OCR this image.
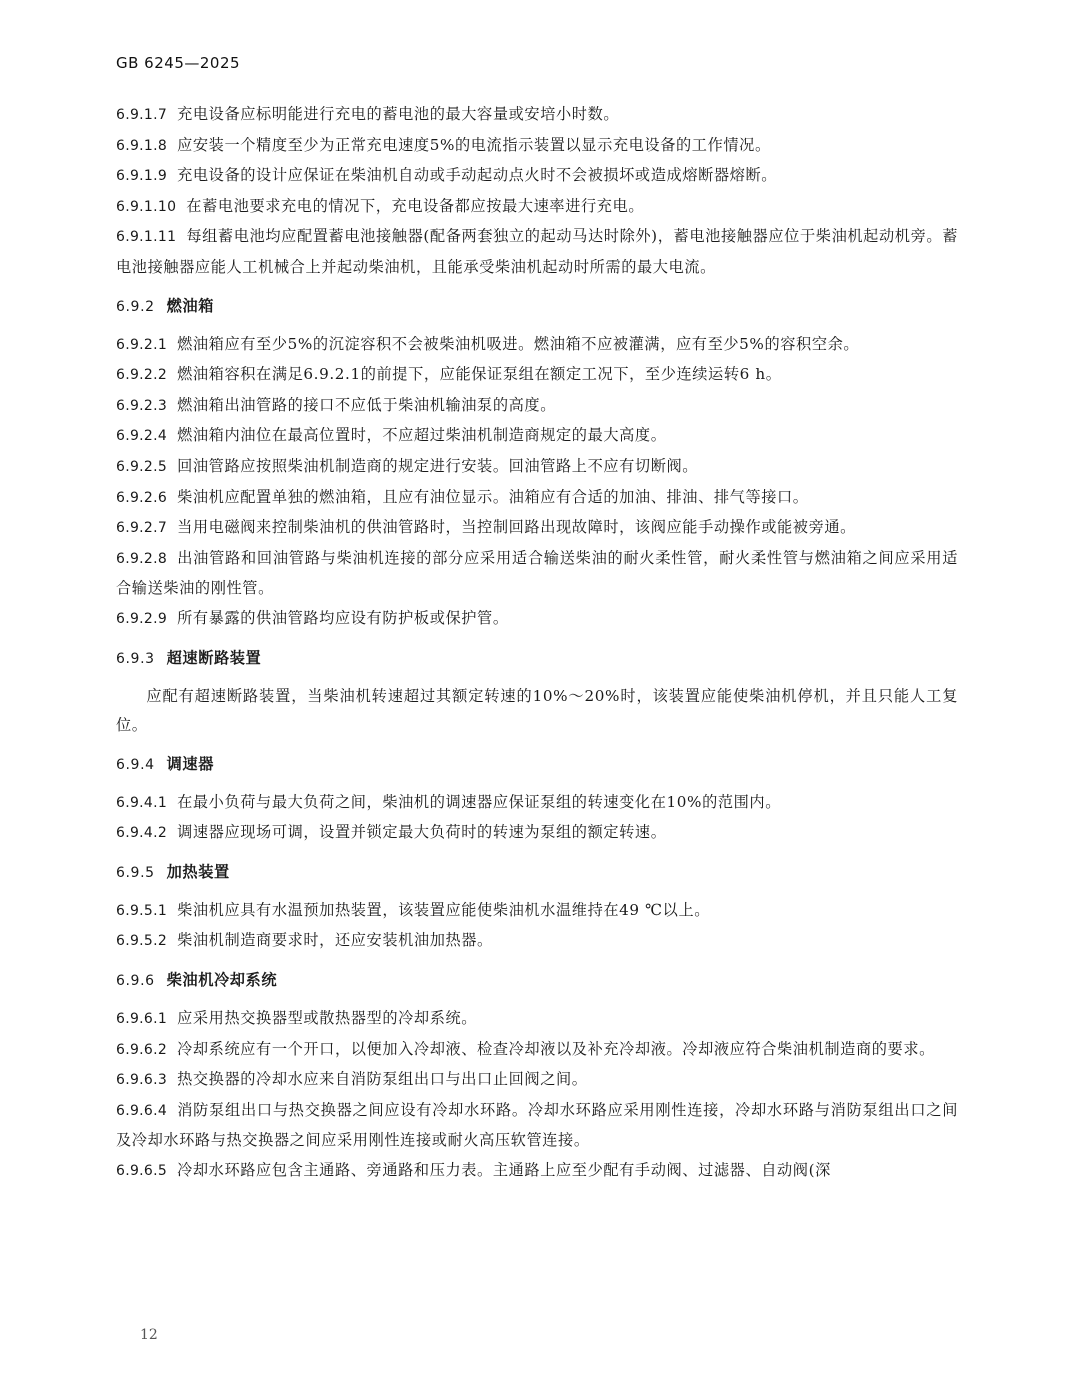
GB 6245—2025

6.9.1.7 充电设备应标明能进行充电的蓄电池的最大容量或安培小时数。

6.9.1.8 应安装一个精度至少为正常充电速度5%的电流指示装置以显示充电设备的工作情况。

6.9.1.9 充电设备的设计应保证在柴油机自动或手动起动点火时不会被损坏或造成熔断器熔断。

6.9.1.10 在蓄电池要求充电的情况下，充电设备都应按最大速率进行充电。

6.9.1.11 每组蓄电池均应配置蓄电池接触器(配备两套独立的起动马达时除外)，蓄电池接触器应位于柴油机起动机旁。蓄电池接触器应能人工机械合上并起动柴油机，且能承受柴油机起动时所需的最大电流。

6.9.2 燃油箱

6.9.2.1 燃油箱应有至少5%的沉淀容积不会被柴油机吸进。燃油箱不应被灌满，应有至少5%的容积空余。

6.9.2.2 燃油箱容积在满足6.9.2.1的前提下，应能保证泵组在额定工况下，至少连续运转6 h。

6.9.2.3 燃油箱出油管路的接口不应低于柴油机输油泵的高度。

6.9.2.4 燃油箱内油位在最高位置时，不应超过柴油机制造商规定的最大高度。

6.9.2.5 回油管路应按照柴油机制造商的规定进行安装。回油管路上不应有切断阀。

6.9.2.6 柴油机应配置单独的燃油箱，且应有油位显示。油箱应有合适的加油、排油、排气等接口。

6.9.2.7 当用电磁阀来控制柴油机的供油管路时，当控制回路出现故障时，该阀应能手动操作或能被旁通。

6.9.2.8 出油管路和回油管路与柴油机连接的部分应采用适合输送柴油的耐火柔性管，耐火柔性管与燃油箱之间应采用适合输送柴油的刚性管。

6.9.2.9 所有暴露的供油管路均应设有防护板或保护管。

6.9.3 超速断路装置

应配有超速断路装置，当柴油机转速超过其额定转速的10%～20%时，该装置应能使柴油机停机，并且只能人工复位。

6.9.4 调速器

6.9.4.1 在最小负荷与最大负荷之间，柴油机的调速器应保证泵组的转速变化在10%的范围内。

6.9.4.2 调速器应现场可调，设置并锁定最大负荷时的转速为泵组的额定转速。

6.9.5 加热装置

6.9.5.1 柴油机应具有水温预加热装置，该装置应能使柴油机水温维持在49 ℃以上。

6.9.5.2 柴油机制造商要求时，还应安装机油加热器。

6.9.6 柴油机冷却系统

6.9.6.1 应采用热交换器型或散热器型的冷却系统。

6.9.6.2 冷却系统应有一个开口，以便加入冷却液、检查冷却液以及补充冷却液。冷却液应符合柴油机制造商的要求。

6.9.6.3 热交换器的冷却水应来自消防泵组出口与出口止回阀之间。

6.9.6.4 消防泵组出口与热交换器之间应设有冷却水环路。冷却水环路应采用刚性连接，冷却水环路与消防泵组出口之间及冷却水环路与热交换器之间应采用刚性连接或耐火高压软管连接。

6.9.6.5 冷却水环路应包含主通路、旁通路和压力表。主通路上应至少配有手动阀、过滤器、自动阀(深

12
